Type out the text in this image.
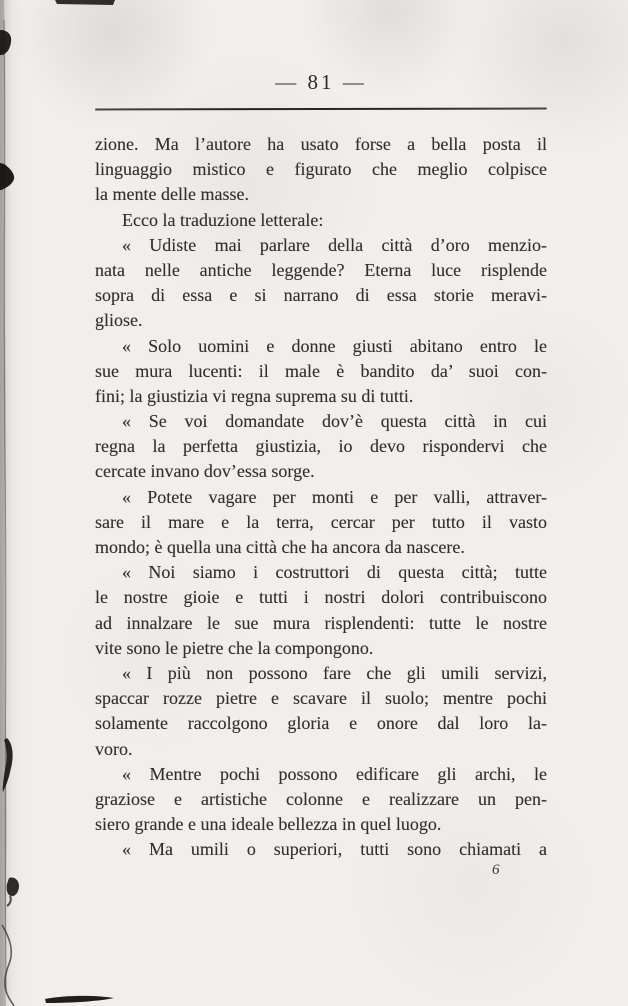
— 81 —
zione. Ma l’autore ha usato forse a bella posta il
linguaggio mistico e figurato che meglio colpisce
la mente delle masse.
Ecco la traduzione letterale:
« Udiste mai parlare della città d’oro menzio-
nata nelle antiche leggende? Eterna luce risplende
sopra di essa e si narrano di essa storie meravi-
gliose.
« Solo uomini e donne giusti abitano entro le
sue mura lucenti: il male è bandito da’ suoi con-
fini; la giustizia vi regna suprema su di tutti.
« Se voi domandate dov’è questa città in cui
regna la perfetta giustizia, io devo rispondervi che
cercate invano dov’essa sorge.
« Potete vagare per monti e per valli, attraver-
sare il mare e la terra, cercar per tutto il vasto
mondo; è quella una città che ha ancora da nascere.
« Noi siamo i costruttori di questa città; tutte
le nostre gioie e tutti i nostri dolori contribuiscono
ad innalzare le sue mura risplendenti: tutte le nostre
vite sono le pietre che la compongono.
« I più non possono fare che gli umili servizi,
spaccar rozze pietre e scavare il suolo; mentre pochi
solamente raccolgono gloria e onore dal loro la-
voro.
« Mentre pochi possono edificare gli archi, le
graziose e artistiche colonne e realizzare un pen-
siero grande e una ideale bellezza in quel luogo.
« Ma umili o superiori, tutti sono chiamati a
6
